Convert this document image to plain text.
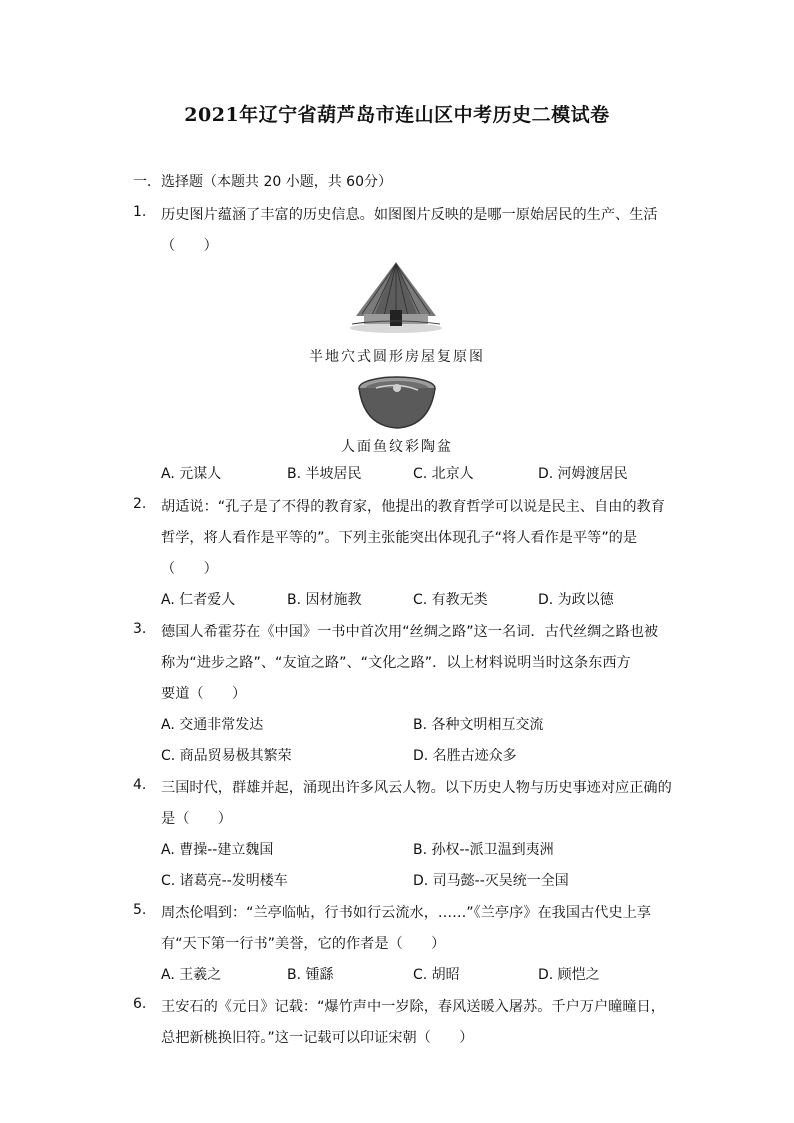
2021年辽宁省葫芦岛市连山区中考历史二模试卷
一．选择题（本题共 20 小题，共 60分）
1. 历史图片蕴涵了丰富的历史信息。如图图片反映的是哪一原始居民的生产、生活
（　　）
半地穴式圆形房屋复原图
人面鱼纹彩陶盆
A. 元谋人	B. 半坡居民	C. 北京人	D. 河姆渡居民
2. 胡适说：“孔子是了不得的教育家，他提出的教育哲学可以说是民主、自由的教育
哲学，将人看作是平等的”。下列主张能突出体现孔子“将人看作是平等”的是
（　　）
A. 仁者爱人	B. 因材施教	C. 有教无类	D. 为政以德
3. 德国人希霍芬在《中国》一书中首次用“丝绸之路”这一名词．古代丝绸之路也被
称为“进步之路”、“友谊之路”、“文化之路”．以上材料说明当时这条东西方
要道（　　）
A. 交通非常发达	B. 各种文明相互交流
C. 商品贸易极其繁荣	D. 名胜古迹众多
4. 三国时代，群雄并起，涌现出许多风云人物。以下历史人物与历史事迹对应正确的
是（　　）
A. 曹操--建立魏国	B. 孙权--派卫温到夷洲
C. 诸葛亮--发明楼车	D. 司马懿--灭吴统一全国
5. 周杰伦唱到：“兰亭临帖，行书如行云流水，……”《兰亭序》在我国古代史上享
有“天下第一行书”美誉，它的作者是（　　）
A. 王羲之	B. 锺繇	C. 胡昭	D. 顾恺之
6. 王安石的《元日》记载：“爆竹声中一岁除，春风送暖入屠苏。千户万户曈曈日，
总把新桃换旧符。”这一记载可以印证宋朝（　　）
